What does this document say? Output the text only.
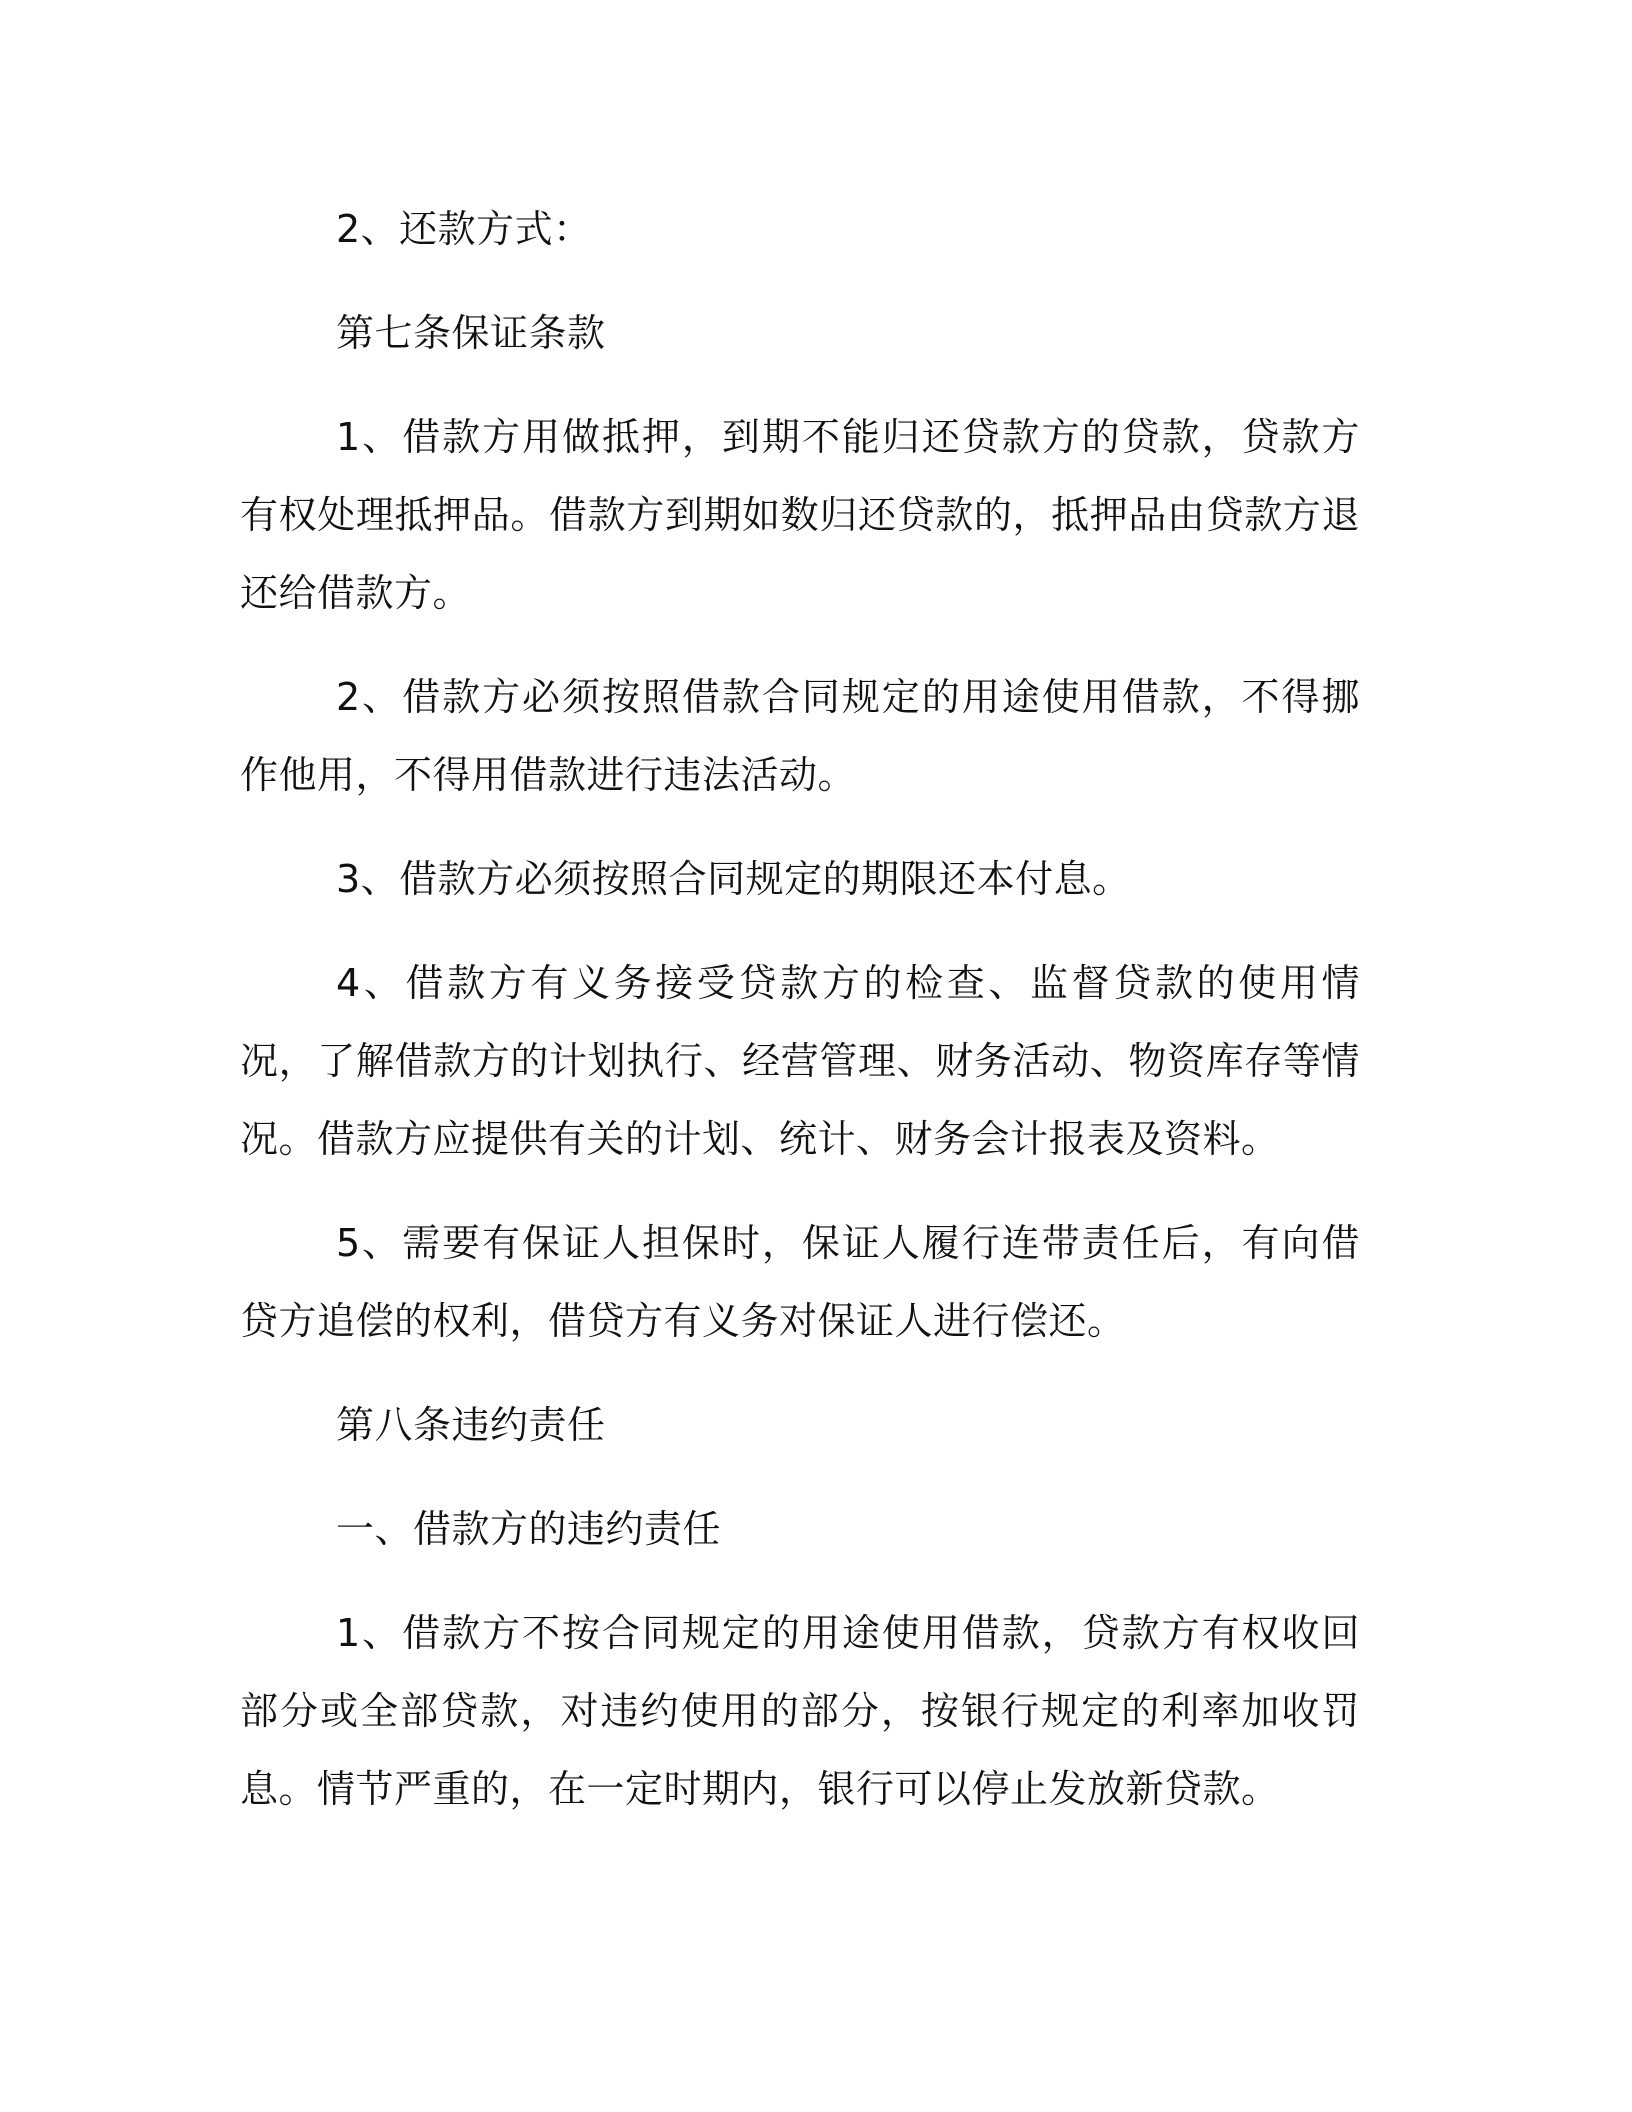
2、还款方式：

第七条保证条款

1、借款方用做抵押，到期不能归还贷款方的贷款，贷款方有权处理抵押品。借款方到期如数归还贷款的，抵押品由贷款方退还给借款方。

2、借款方必须按照借款合同规定的用途使用借款，不得挪作他用，不得用借款进行违法活动。

3、借款方必须按照合同规定的期限还本付息。

4、借款方有义务接受贷款方的检查、监督贷款的使用情况，了解借款方的计划执行、经营管理、财务活动、物资库存等情况。借款方应提供有关的计划、统计、财务会计报表及资料。

5、需要有保证人担保时，保证人履行连带责任后，有向借贷方追偿的权利，借贷方有义务对保证人进行偿还。

第八条违约责任

一、借款方的违约责任

1、借款方不按合同规定的用途使用借款，贷款方有权收回部分或全部贷款，对违约使用的部分，按银行规定的利率加收罚息。情节严重的，在一定时期内，银行可以停止发放新贷款。
